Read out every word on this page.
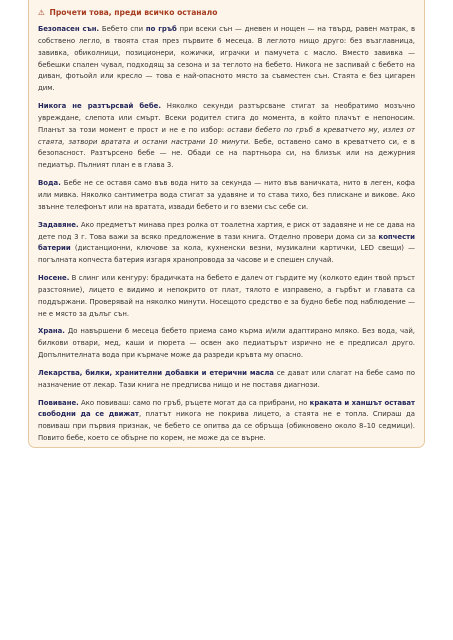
⚠ Прочети това, преди всичко останало

Безопасен сън. Бебето спи по гръб при всеки сън — дневен и нощен — на твърд, равен матрак, в собствено легло, в твоята стая през първите 6 месеца. В леглото нищо друго: без възглавница, завивка, обиколници, позиционери, кожички, играчки и памучета с масло. Вместо завивка — бебешки спален чувал, подходящ за сезона и за теглото на бебето. Никога не заспивай с бебето на диван, фотьойл или кресло — това е най-опасното място за съвместен сън. Стаята е без цигарен дим.

Никога не разтърсвай бебе. Няколко секунди разтърсване стигат за необратимо мозъчно увреждане, слепота или смърт. Всеки родител стига до момента, в който плачът е непоносим. Планът за този момент е прост и не е по избор: остави бебето по гръб в креватчето му, излез от стаята, затвори вратата и остани настрани 10 минути. Бебе, оставено само в креватчето си, е в безопасност. Разтърсено бебе — не. Обади се на партньора си, на близък или на дежурния педиатър. Пълният план е в глава 3.

Вода. Бебе не се оставя само във вода нито за секунда — нито във ваничката, нито в леген, кофа или мивка. Няколко сантиметра вода стигат за удавяне и то става тихо, без плискане и викове. Ако звънне телефонът или на вратата, извади бебето и го вземи със себе си.

Задавяне. Ако предметът минава през ролка от тоалетна хартия, е риск от задавяне и не се дава на дете под 3 г. Това важи за всяко предложение в тази книга. Отделно провери дома си за копчести батерии (дистанционни, ключове за кола, кухненски везни, музикални картички, LED свещи) — погълната копчеста батерия изгаря хранопровода за часове и е спешен случай.

Носене. В слинг или кенгуру: брадичката на бебето е далеч от гърдите му (колкото един твой пръст разстояние), лицето е видимо и непокрито от плат, тялото е изправено, а гърбът и главата са поддържани. Проверявай на няколко минути. Носещото средство е за будно бебе под наблюдение — не е място за дълъг сън.

Храна. До навършени 6 месеца бебето приема само кърма и/или адаптирано мляко. Без вода, чай, билкови отвари, мед, каши и пюрета — освен ако педиатърът изрично не е предписал друго. Допълнителната вода при кърмаче може да разреди кръвта му опасно.

Лекарства, билки, хранителни добавки и етерични масла се дават или слагат на бебе само по назначение от лекар. Тази книга не предписва нищо и не поставя диагнози.

Повиване. Ако повиваш: само по гръб, ръцете могат да са прибрани, но краката и ханшът остават свободни да се движат, платът никога не покрива лицето, а стаята не е топла. Спираш да повиваш при първия признак, че бебето се опитва да се обръща (обикновено около 8–10 седмици). Повито бебе, което се обърне по корем, не може да се върне.
